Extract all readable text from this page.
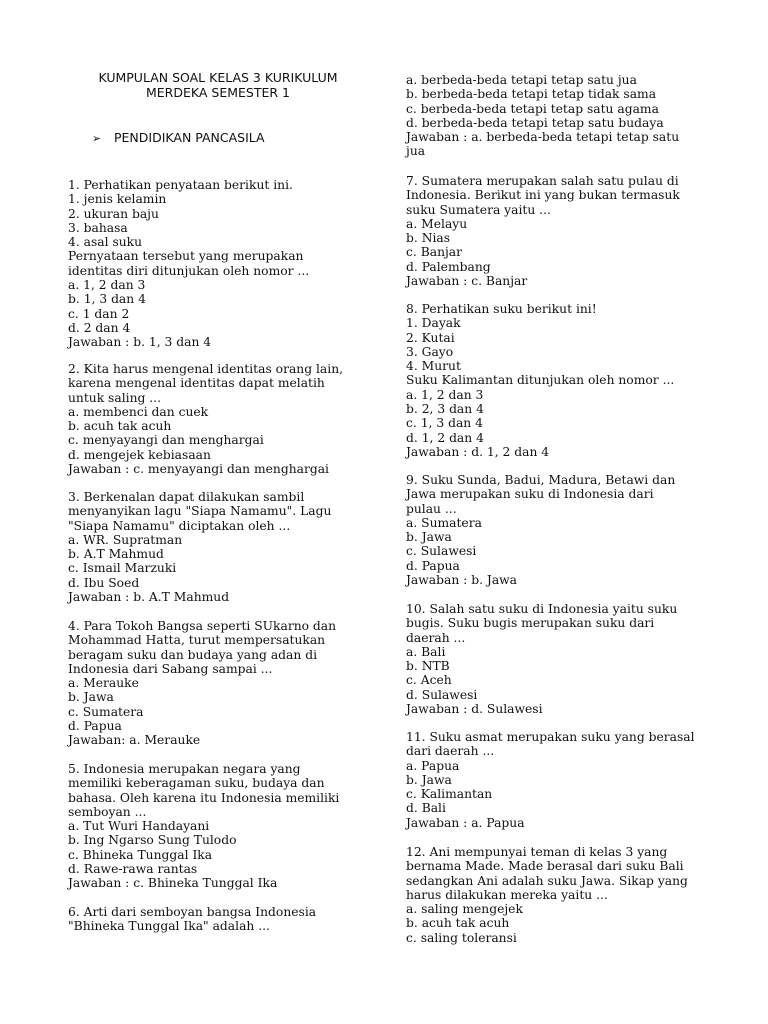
KUMPULAN SOAL KELAS 3 KURIKULUM
MERDEKA SEMESTER 1
➢ PENDIDIKAN PANCASILA
1. Perhatikan penyataan berikut ini.
1. jenis kelamin
2. ukuran baju
3. bahasa
4. asal suku
Pernyataan tersebut yang merupakan
identitas diri ditunjukan oleh nomor ...
a. 1, 2 dan 3
b. 1, 3 dan 4
c. 1 dan 2
d. 2 dan 4
Jawaban : b. 1, 3 dan 4
2. Kita harus mengenal identitas orang lain,
karena mengenal identitas dapat melatih
untuk saling ...
a. membenci dan cuek
b. acuh tak acuh
c. menyayangi dan menghargai
d. mengejek kebiasaan
Jawaban : c. menyayangi dan menghargai
3. Berkenalan dapat dilakukan sambil
menyanyikan lagu "Siapa Namamu". Lagu
"Siapa Namamu" diciptakan oleh ...
a. WR. Supratman
b. A.T Mahmud
c. Ismail Marzuki
d. Ibu Soed
Jawaban : b. A.T Mahmud
4. Para Tokoh Bangsa seperti SUkarno dan
Mohammad Hatta, turut mempersatukan
beragam suku dan budaya yang adan di
Indonesia dari Sabang sampai ...
a. Merauke
b. Jawa
c. Sumatera
d. Papua
Jawaban: a. Merauke
5. Indonesia merupakan negara yang
memiliki keberagaman suku, budaya dan
bahasa. Oleh karena itu Indonesia memiliki
semboyan ...
a. Tut Wuri Handayani
b. Ing Ngarso Sung Tulodo
c. Bhineka Tunggal Ika
d. Rawe-rawa rantas
Jawaban : c. Bhineka Tunggal Ika
6. Arti dari semboyan bangsa Indonesia
"Bhineka Tunggal Ika" adalah ...
a. berbeda-beda tetapi tetap satu jua
b. berbeda-beda tetapi tetap tidak sama
c. berbeda-beda tetapi tetap satu agama
d. berbeda-beda tetapi tetap satu budaya
Jawaban : a. berbeda-beda tetapi tetap satu
jua
7. Sumatera merupakan salah satu pulau di
Indonesia. Berikut ini yang bukan termasuk
suku Sumatera yaitu ...
a. Melayu
b. Nias
c. Banjar
d. Palembang
Jawaban : c. Banjar
8. Perhatikan suku berikut ini!
1. Dayak
2. Kutai
3. Gayo
4. Murut
Suku Kalimantan ditunjukan oleh nomor ...
a. 1, 2 dan 3
b. 2, 3 dan 4
c. 1, 3 dan 4
d. 1, 2 dan 4
Jawaban : d. 1, 2 dan 4
9. Suku Sunda, Badui, Madura, Betawi dan
Jawa merupakan suku di Indonesia dari
pulau ...
a. Sumatera
b. Jawa
c. Sulawesi
d. Papua
Jawaban : b. Jawa
10. Salah satu suku di Indonesia yaitu suku
bugis. Suku bugis merupakan suku dari
daerah ...
a. Bali
b. NTB
c. Aceh
d. Sulawesi
Jawaban : d. Sulawesi
11. Suku asmat merupakan suku yang berasal
dari daerah ...
a. Papua
b. Jawa
c. Kalimantan
d. Bali
Jawaban : a. Papua
12. Ani mempunyai teman di kelas 3 yang
bernama Made. Made berasal dari suku Bali
sedangkan Ani adalah suku Jawa. Sikap yang
harus dilakukan mereka yaitu ...
a. saling mengejek
b. acuh tak acuh
c. saling toleransi
